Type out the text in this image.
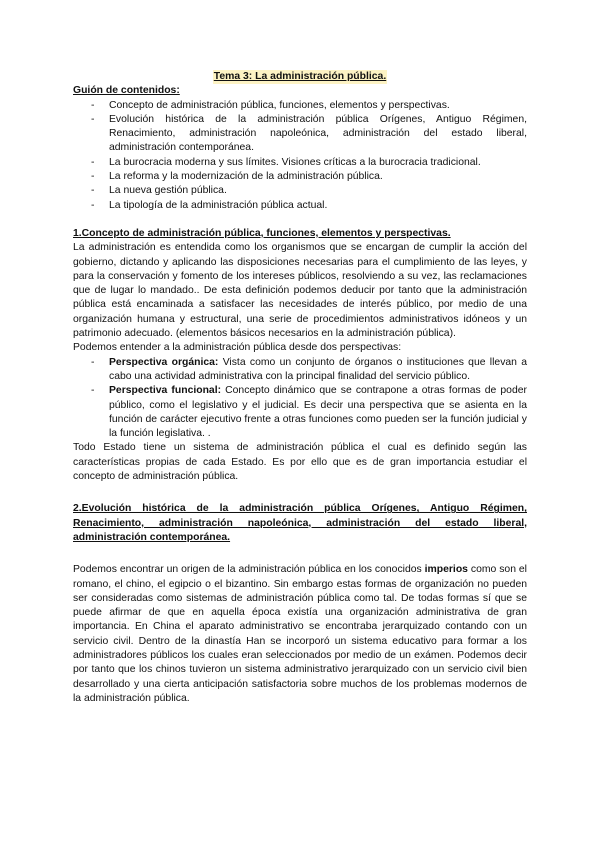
Tema 3: La administración pública.
Guión de contenidos:
- Concepto de administración pública, funciones, elementos y perspectivas.
- Evolución histórica de la administración pública Orígenes, Antiguo Régimen, Renacimiento, administración napoleónica, administración del estado liberal, administración contemporánea.
- La burocracia moderna y sus límites. Visiones críticas a la burocracia tradicional.
- La reforma y la modernización de la administración pública.
- La nueva gestión pública.
- La tipología de la administración pública actual.
1.Concepto de administración pública, funciones, elementos y perspectivas.

La administración es entendida como los organismos que se encargan de cumplir la acción del gobierno, dictando y aplicando las disposiciones necesarias para el cumplimiento de las leyes, y para la conservación y fomento de los intereses públicos, resolviendo a su vez, las reclamaciones que de lugar lo mandado.. De esta definición podemos deducir por tanto que la administración pública está encaminada a satisfacer las necesidades de interés público, por medio de una organización humana y estructural, una serie de procedimientos administrativos idóneos y un patrimonio adecuado. (elementos básicos necesarios en la administración pública).

Podemos entender a la administración pública desde dos perspectivas:

- Perspectiva orgánica: Vista como un conjunto de órganos o instituciones que llevan a cabo una actividad administrativa con la principal finalidad del servicio público.
- Perspectiva funcional: Concepto dinámico que se contrapone a otras formas de poder público, como el legislativo y el judicial. Es decir una perspectiva que se asienta en la función de carácter ejecutivo frente a otras funciones como pueden ser la función judicial y la función legislativa. .

Todo Estado tiene un sistema de administración pública el cual es definido según las características propias de cada Estado. Es por ello que es de gran importancia estudiar el concepto de administración pública.

2.Evolución histórica de la administración pública Orígenes, Antiguo Régimen, Renacimiento, administración napoleónica, administración del estado liberal, administración contemporánea.

Podemos encontrar un origen de la administración pública en los conocidos imperios como son el romano, el chino, el egipcio o el bizantino. Sin embargo estas formas de organización no pueden ser consideradas como sistemas de administración pública como tal. De todas formas sí que se puede afirmar de que en aquella época existía una organización administrativa de gran importancia. En China el aparato administrativo se encontraba jerarquizado contando con un servicio civil. Dentro de la dinastía Han se incorporó un sistema educativo para formar a los administradores públicos los cuales eran seleccionados por medio de un exámen. Podemos decir por tanto que los chinos tuvieron un sistema administrativo jerarquizado con un servicio civil bien desarrollado y una cierta anticipación satisfactoria sobre muchos de los problemas modernos de la administración pública.
